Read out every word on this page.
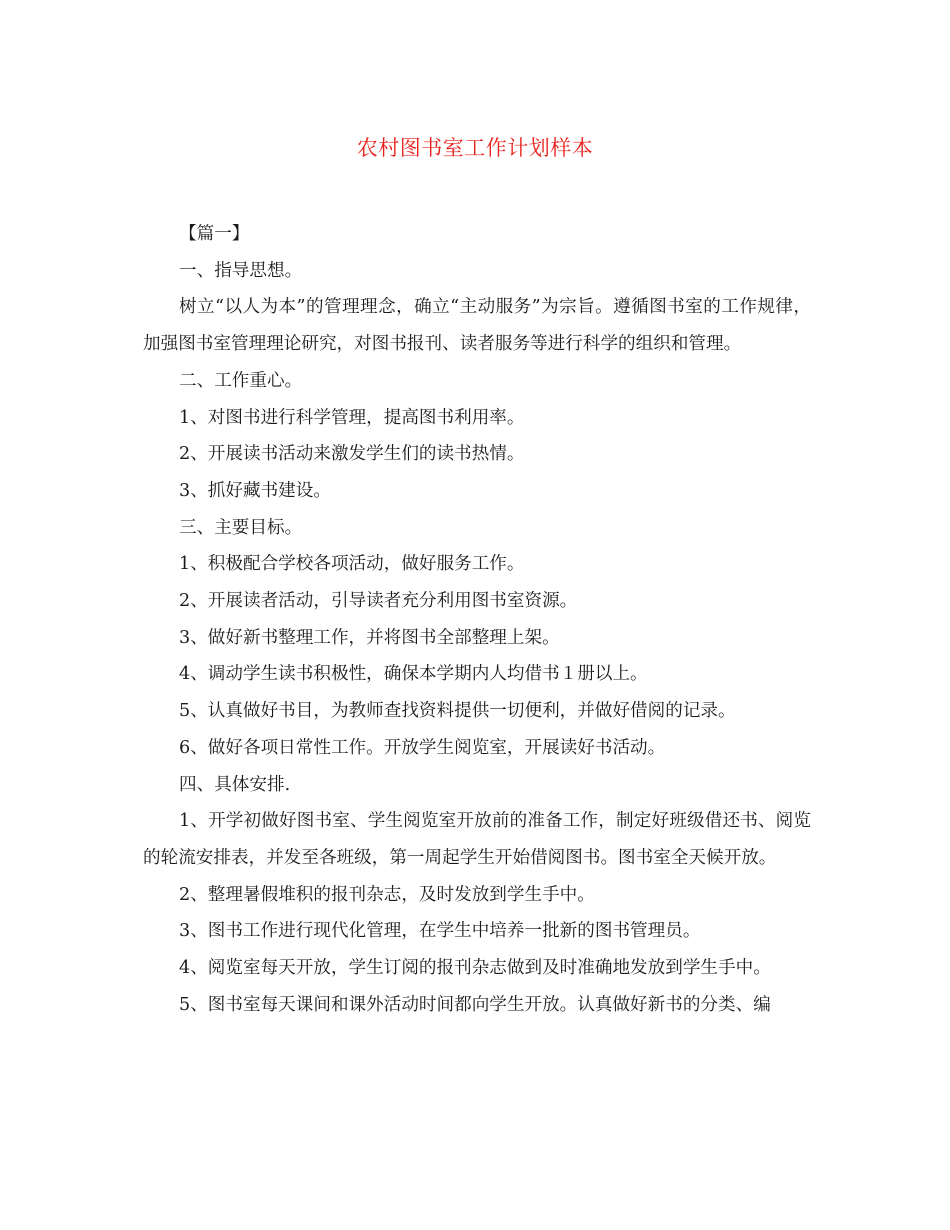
农村图书室工作计划样本

【篇一】

一、指导思想。

树立“以人为本”的管理理念，确立“主动服务”为宗旨。遵循图书室的工作规律，加强图书室管理理论研究，对图书报刊、读者服务等进行科学的组织和管理。

二、工作重心。

1、对图书进行科学管理，提高图书利用率。

2、开展读书活动来激发学生们的读书热情。

3、抓好藏书建设。

三、主要目标。

1、积极配合学校各项活动，做好服务工作。

2、开展读者活动，引导读者充分利用图书室资源。

3、做好新书整理工作，并将图书全部整理上架。

4、调动学生读书积极性，确保本学期内人均借书１册以上。

5、认真做好书目，为教师查找资料提供一切便利，并做好借阅的记录。

6、做好各项日常性工作。开放学生阅览室，开展读好书活动。

四、具体安排.

1、开学初做好图书室、学生阅览室开放前的准备工作，制定好班级借还书、阅览的轮流安排表，并发至各班级，第一周起学生开始借阅图书。图书室全天候开放。

2、整理暑假堆积的报刊杂志，及时发放到学生手中。

3、图书工作进行现代化管理，在学生中培养一批新的图书管理员。

4、阅览室每天开放，学生订阅的报刊杂志做到及时准确地发放到学生手中。

5、图书室每天课间和课外活动时间都向学生开放。认真做好新书的分类、编
